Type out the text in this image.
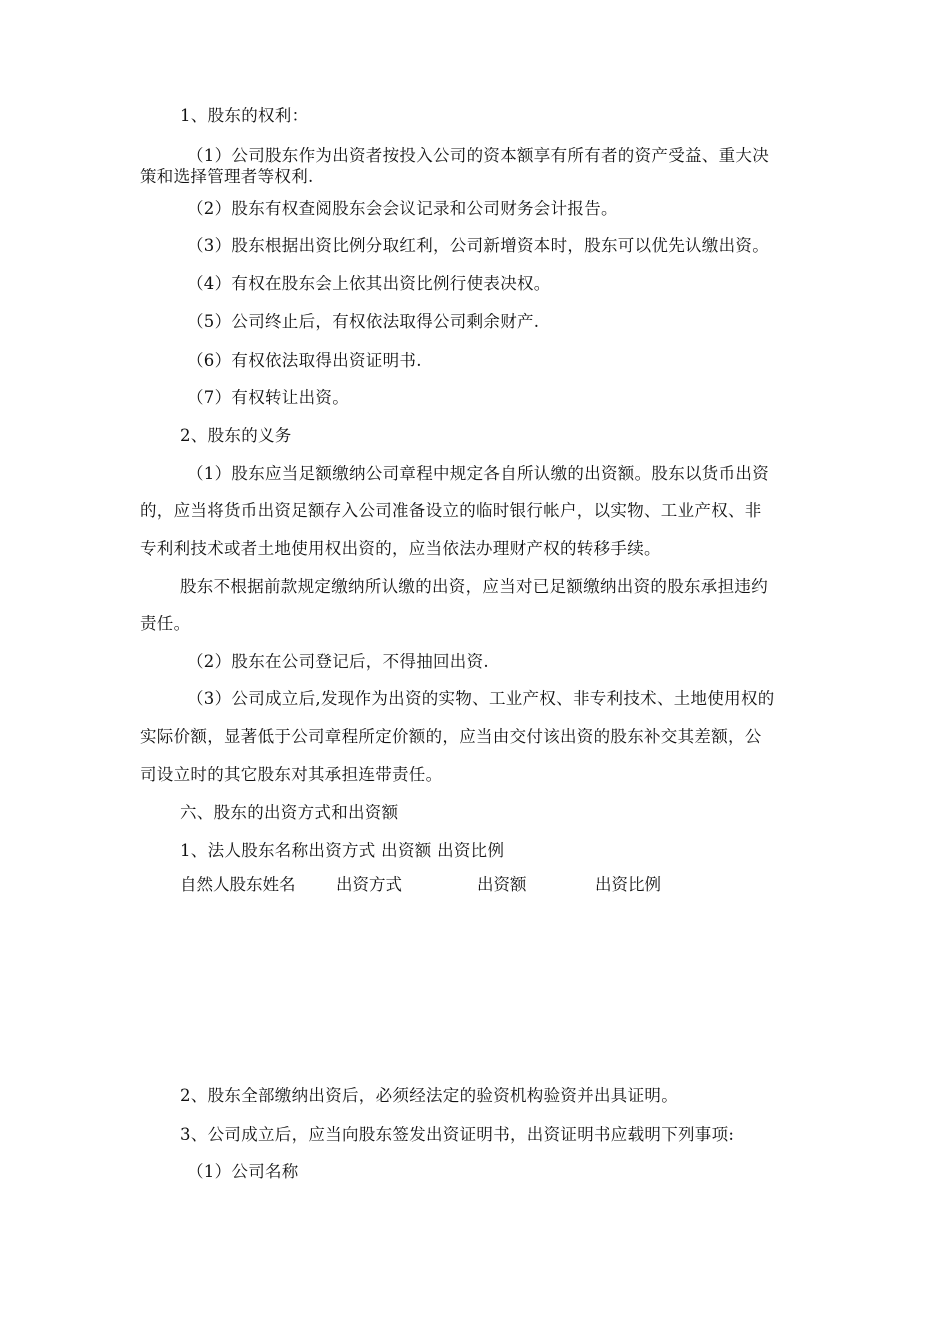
1、股东的权利：

（1）公司股东作为出资者按投入公司的资本额享有所有者的资产受益、重大决

策和选择管理者等权利.

（2）股东有权查阅股东会会议记录和公司财务会计报告。

（3）股东根据出资比例分取红利，公司新增资本时，股东可以优先认缴出资。

（4）有权在股东会上依其出资比例行使表决权。

（5）公司终止后，有权依法取得公司剩余财产.

（6）有权依法取得出资证明书.

（7）有权转让出资。

2、股东的义务

（1）股东应当足额缴纳公司章程中规定各自所认缴的出资额。股东以货币出资

的，应当将货币出资足额存入公司准备设立的临时银行帐户，以实物、工业产权、非

专利利技术或者土地使用权出资的，应当依法办理财产权的转移手续。

股东不根据前款规定缴纳所认缴的出资，应当对已足额缴纳出资的股东承担违约

责任。

（2）股东在公司登记后，不得抽回出资.

（3）公司成立后,发现作为出资的实物、工业产权、非专利技术、土地使用权的

实际价额，显著低于公司章程所定价额的，应当由交付该出资的股东补交其差额，公

司设立时的其它股东对其承担连带责任。

六、股东的出资方式和出资额

1、法人股东名称出资方式 出资额 出资比例

自然人股东姓名 出资方式	出资额	出资比例

2、股东全部缴纳出资后，必须经法定的验资机构验资并出具证明。

3、公司成立后，应当向股东签发出资证明书，出资证明书应载明下列事项:

（1）公司名称
